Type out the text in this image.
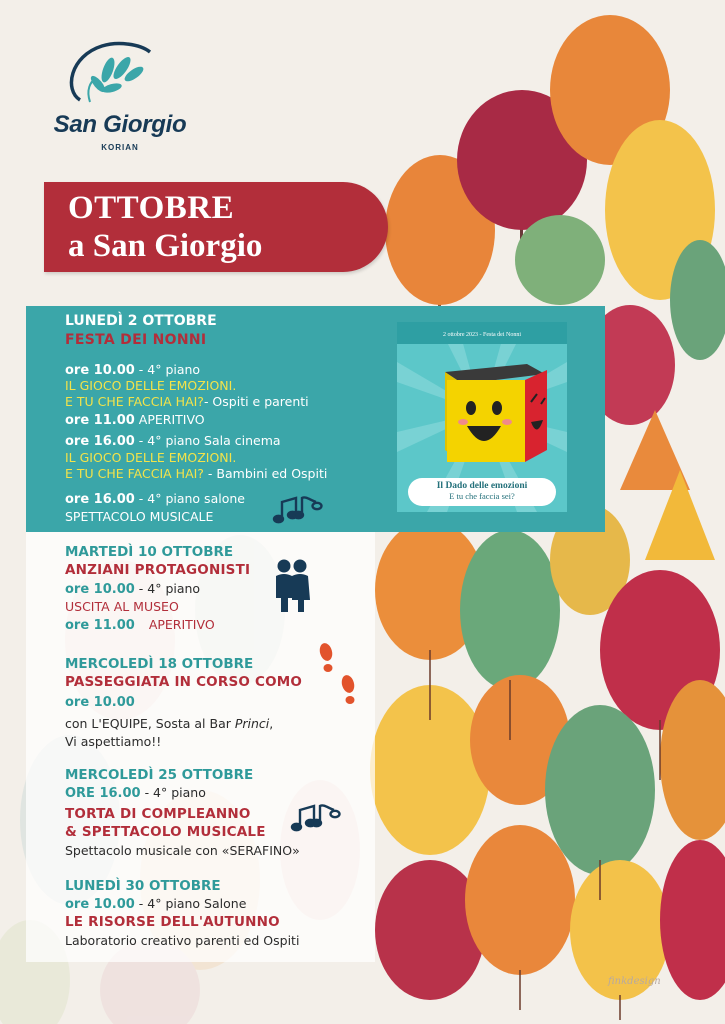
San Giorgio
KORIAN
OTTOBRE
a San Giorgio
LUNEDÌ 2 OTTOBRE
FESTA DEI NONNI
ore 10.00 - 4° piano
IL GIOCO DELLE EMOZIONI.
E TU CHE FACCIA HAI?- Ospiti e parenti
ore 11.00 APERITIVO
ore 16.00 - 4° piano Sala cinema
IL GIOCO DELLE EMOZIONI.
E TU CHE FACCIA HAI? - Bambini ed Ospiti
ore 16.00 - 4° piano salone
SPETTACOLO MUSICALE
2 ottobre 2023 - Festa dei Nonni
Il Dado delle emozioni
E tu che faccia sei?
MARTEDÌ 10 OTTOBRE
ANZIANI PROTAGONISTI
ore 10.00 - 4° piano
USCITA AL MUSEO
ore 11.00 APERITIVO
MERCOLEDÌ 18 OTTOBRE
PASSEGGIATA IN CORSO COMO
ore 10.00
con L'EQUIPE, Sosta al Bar Princi,
Vi aspettiamo!!
MERCOLEDÌ 25 OTTOBRE
ORE 16.00 - 4° piano
TORTA DI COMPLEANNO
& SPETTACOLO MUSICALE
Spettacolo musicale con «SERAFINO»
LUNEDÌ 30 OTTOBRE
ore 10.00 - 4° piano Salone
LE RISORSE DELL'AUTUNNO
Laboratorio creativo parenti ed Ospiti
finkdesign
